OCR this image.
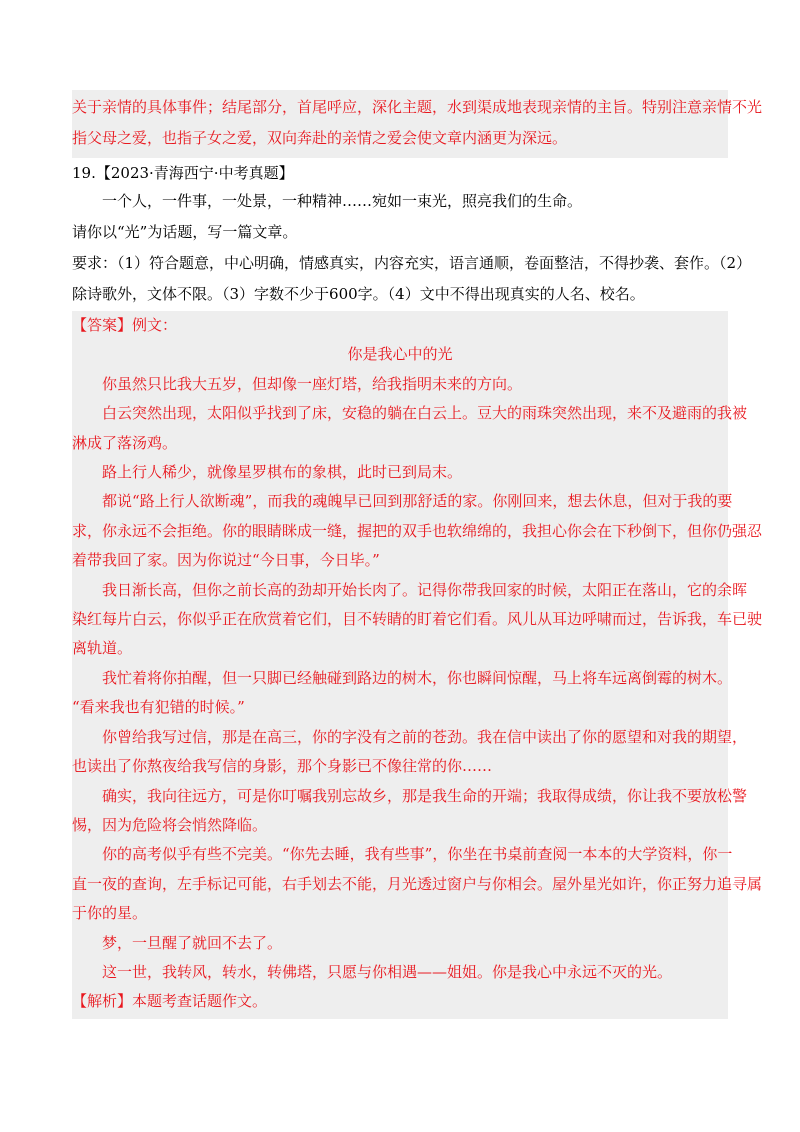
关于亲情的具体事件；结尾部分，首尾呼应，深化主题，水到渠成地表现亲情的主旨。特别注意亲情不光
指父母之爱，也指子女之爱，双向奔赴的亲情之爱会使文章内涵更为深远。
19.【2023·青海西宁·中考真题】
一个人，一件事，一处景，一种精神……宛如一束光，照亮我们的生命。
请你以“光”为话题，写一篇文章。
要求：（1）符合题意，中心明确，情感真实，内容充实，语言通顺，卷面整洁，不得抄袭、套作。（2）
除诗歌外，文体不限。（3）字数不少于600字。（4）文中不得出现真实的人名、校名。
【答案】例文：
你是我心中的光
你虽然只比我大五岁，但却像一座灯塔，给我指明未来的方向。
白云突然出现，太阳似乎找到了床，安稳的躺在白云上。豆大的雨珠突然出现，来不及避雨的我被
淋成了落汤鸡。
路上行人稀少，就像星罗棋布的象棋，此时已到局末。
都说“路上行人欲断魂”，而我的魂魄早已回到那舒适的家。你刚回来，想去休息，但对于我的要
求，你永远不会拒绝。你的眼睛眯成一缝，握把的双手也软绵绵的，我担心你会在下秒倒下，但你仍强忍
着带我回了家。因为你说过“今日事，今日毕。”
我日渐长高，但你之前长高的劲却开始长肉了。记得你带我回家的时候，太阳正在落山，它的余晖
染红每片白云，你似乎正在欣赏着它们，目不转睛的盯着它们看。风儿从耳边呼啸而过，告诉我，车已驶
离轨道。
我忙着将你拍醒，但一只脚已经触碰到路边的树木，你也瞬间惊醒，马上将车远离倒霉的树木。
“看来我也有犯错的时候。”
你曾给我写过信，那是在高三，你的字没有之前的苍劲。我在信中读出了你的愿望和对我的期望，
也读出了你熬夜给我写信的身影，那个身影已不像往常的你……
确实，我向往远方，可是你叮嘱我别忘故乡，那是我生命的开端；我取得成绩，你让我不要放松警
惕，因为危险将会悄然降临。
你的高考似乎有些不完美。“你先去睡，我有些事”，你坐在书桌前查阅一本本的大学资料，你一
直一夜的查询，左手标记可能，右手划去不能，月光透过窗户与你相会。屋外星光如许，你正努力追寻属
于你的星。
梦，一旦醒了就回不去了。
这一世，我转风，转水，转佛塔，只愿与你相遇——姐姐。你是我心中永远不灭的光。
【解析】本题考查话题作文。
